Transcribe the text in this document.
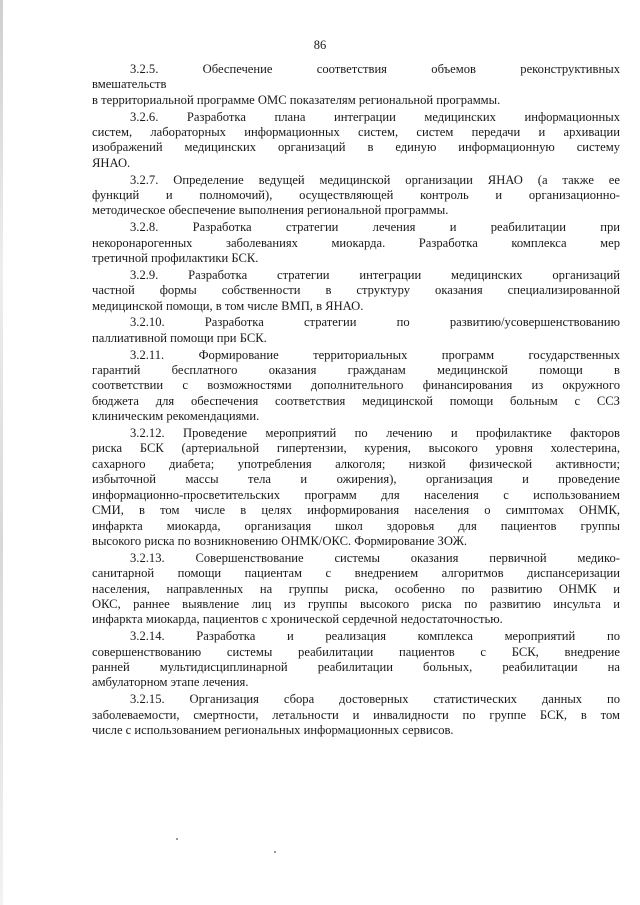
86
3.2.5. Обеспечение соответствия объемов реконструктивных
вмешательств
в территориальной программе ОМС показателям региональной программы.
3.2.6. Разработка плана интеграции медицинских информационных
систем, лабораторных информационных систем, систем передачи и архивации
изображений медицинских организаций в единую информационную систему
ЯНАО.
3.2.7. Определение ведущей медицинской организации ЯНАО (а также ее
функций и полномочий), осуществляющей контроль и организационно-
методическое обеспечение выполнения региональной программы.
3.2.8. Разработка стратегии лечения и реабилитации при
некоронарогенных заболеваниях миокарда. Разработка комплекса мер
третичной профилактики БСК.
3.2.9. Разработка стратегии интеграции медицинских организаций
частной формы собственности в структуру оказания специализированной
медицинской помощи, в том числе ВМП, в ЯНАО.
3.2.10. Разработка стратегии по развитию/усовершенствованию
паллиативной помощи при БСК.
3.2.11. Формирование территориальных программ государственных
гарантий бесплатного оказания гражданам медицинской помощи в
соответствии с возможностями дополнительного финансирования из окружного
бюджета для обеспечения соответствия медицинской помощи больным с ССЗ
клиническим рекомендациями.
3.2.12. Проведение мероприятий по лечению и профилактике факторов
риска БСК (артериальной гипертензии, курения, высокого уровня холестерина,
сахарного диабета; употребления алкоголя; низкой физической активности;
избыточной массы тела и ожирения), организация и проведение
информационно-просветительских программ для населения с использованием
СМИ, в том числе в целях информирования населения о симптомах ОНМК,
инфаркта миокарда, организация школ здоровья для пациентов группы
высокого риска по возникновению ОНМК/ОКС. Формирование ЗОЖ.
3.2.13. Совершенствование системы оказания первичной медико-
санитарной помощи пациентам с внедрением алгоритмов диспансеризации
населения, направленных на группы риска, особенно по развитию ОНМК и
ОКС, раннее выявление лиц из группы высокого риска по развитию инсульта и
инфаркта миокарда, пациентов с хронической сердечной недостаточностью.
3.2.14. Разработка и реализация комплекса мероприятий по
совершенствованию системы реабилитации пациентов с БСК, внедрение
ранней мультидисциплинарной реабилитации больных, реабилитации на
амбулаторном этапе лечения.
3.2.15. Организация сбора достоверных статистических данных по
заболеваемости, смертности, летальности и инвалидности по группе БСК, в том
числе с использованием региональных информационных сервисов.
